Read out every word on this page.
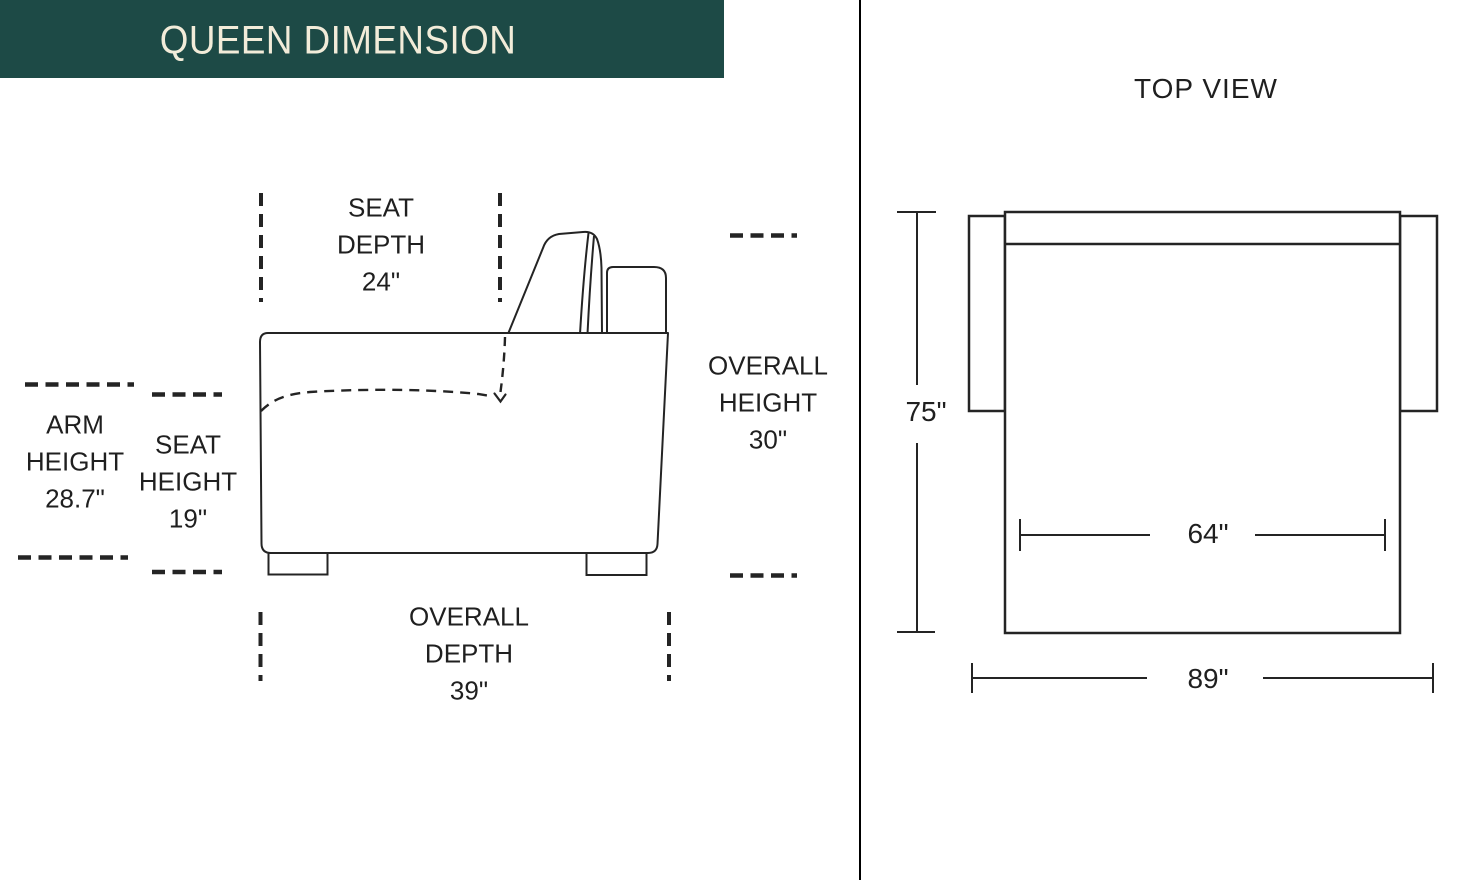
QUEEN DIMENSION
SEAT
DEPTH
24"
ARM
HEIGHT
28.7"
SEAT
HEIGHT
19"
OVERALL
HEIGHT
30"
OVERALL
DEPTH
39"
TOP VIEW
75"
64"
89"
